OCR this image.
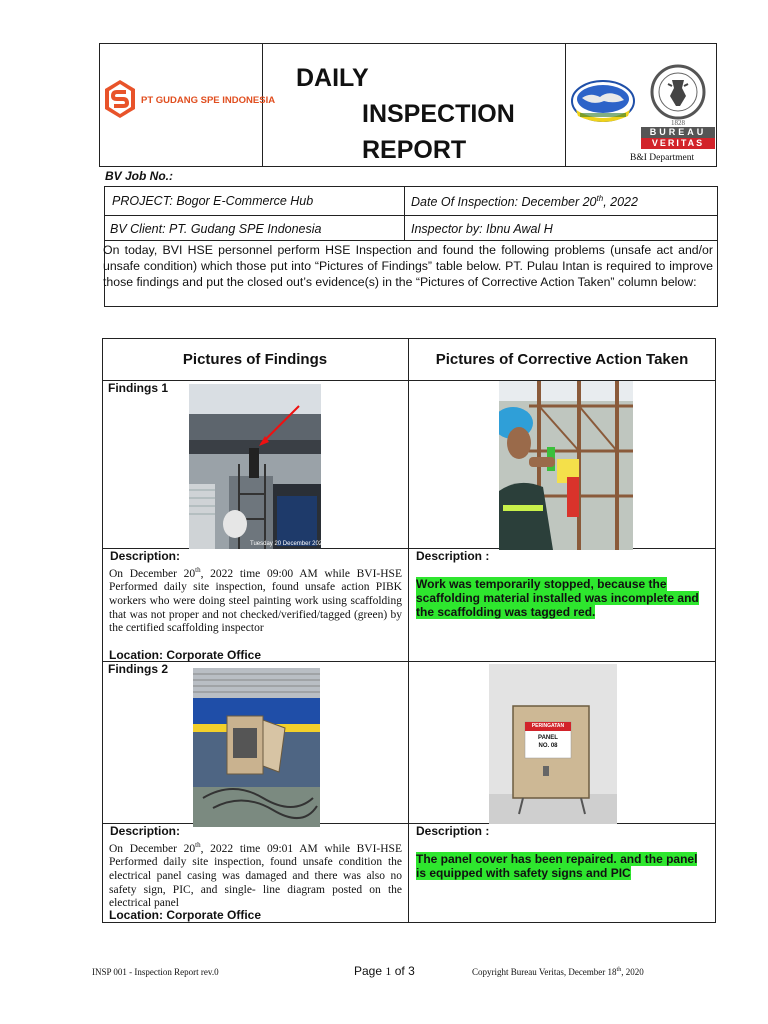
PT GUDANG SPE INDONESIA
DAILY
INSPECTION
REPORT
1828
BUREAU
VERITAS
B&I Department
BV Job No.:
PROJECT: Bogor E-Commerce Hub	Date Of Inspection: December 20th, 2022
BV Client: PT. Gudang SPE Indonesia	Inspector by: Ibnu Awal H
On today, BVI HSE personnel perform HSE Inspection and found the following problems (unsafe act and/or unsafe condition) which those put into “Pictures of Findings” table below. PT. Pulau Intan is required to improve those findings and put the closed out’s evidence(s) in the “Pictures of Corrective Action Taken” column below:
Pictures of Findings	Pictures of Corrective Action Taken
Findings 1
Tuesday 20 December 2022
Description:
On December 20th, 2022 time 09:00 AM while BVI-HSE Performed daily site inspection, found unsafe action PIBK workers who were doing steel painting work using scaffolding that was not proper and not checked/verified/tagged (green) by the certified scaffolding inspector
Location: Corporate Office
Description :
Work was temporarily stopped, because the scaffolding material installed was incomplete and the scaffolding was tagged red.
Findings 2
PERINGATAN
PANEL
NO. 08
Description:
On December 20th, 2022 time 09:01 AM while BVI-HSE Performed daily site inspection, found unsafe condition the electrical panel casing was damaged and there was also no safety sign, PIC, and single- line diagram posted on the electrical panel
Location: Corporate Office
Description :
The panel cover has been repaired. and the panel is equipped with safety signs and PIC
INSP 001 - Inspection Report rev.0	Page 1 of 3	Copyright Bureau Veritas, December 18th, 2020
